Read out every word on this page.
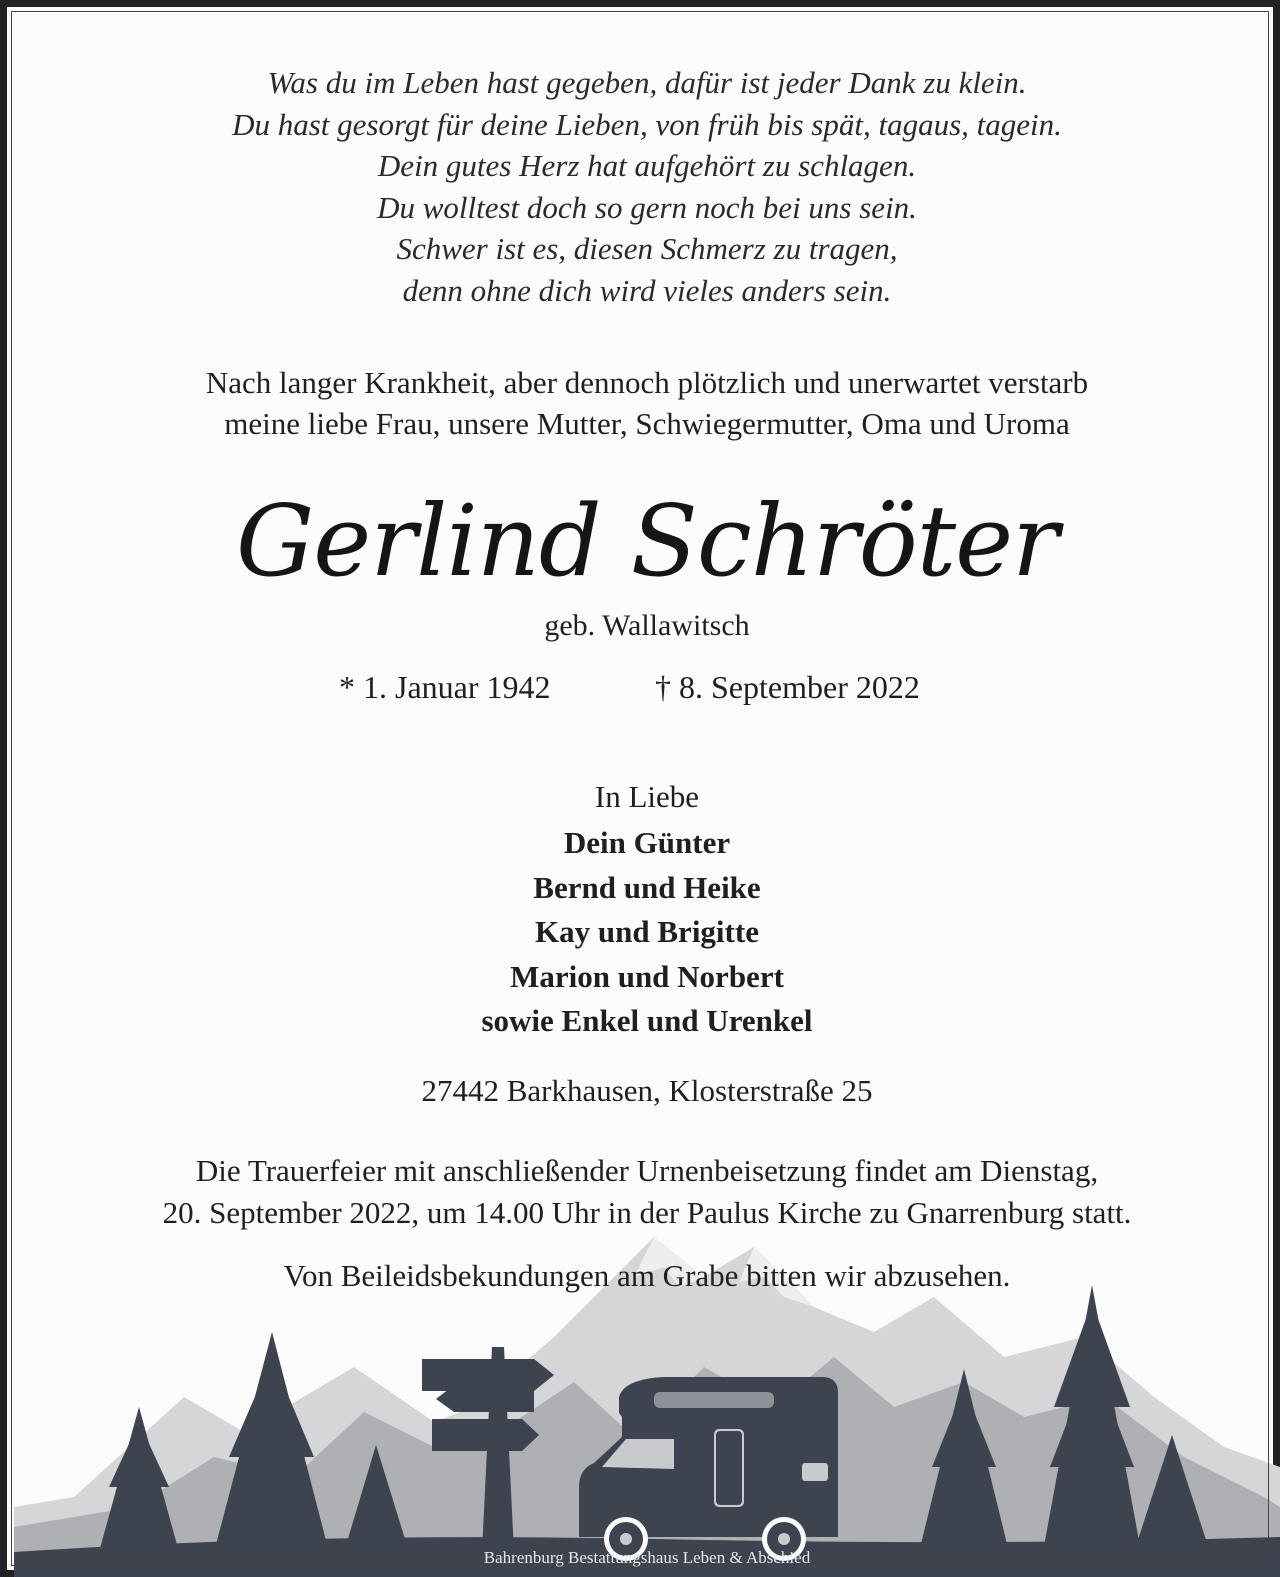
Was du im Leben hast gegeben, dafür ist jeder Dank zu klein.
Du hast gesorgt für deine Lieben, von früh bis spät, tagaus, tagein.
Dein gutes Herz hat aufgehört zu schlagen.
Du wolltest doch so gern noch bei uns sein.
Schwer ist es, diesen Schmerz zu tragen,
denn ohne dich wird vieles anders sein.
Nach langer Krankheit, aber dennoch plötzlich und unerwartet verstarb
meine liebe Frau, unsere Mutter, Schwiegermutter, Oma und Uroma
Gerlind Schröter
geb. Wallawitsch
* 1. Januar 1942	† 8. September 2022
In Liebe
Dein Günter
Bernd und Heike
Kay und Brigitte
Marion und Norbert
sowie Enkel und Urenkel
27442 Barkhausen, Klosterstraße 25
Die Trauerfeier mit anschließender Urnenbeisetzung findet am Dienstag,
20. September 2022, um 14.00 Uhr in der Paulus Kirche zu Gnarrenburg statt.
Von Beileidsbekundungen am Grabe bitten wir abzusehen.
Bahrenburg Bestattungshaus Leben & Abschied
